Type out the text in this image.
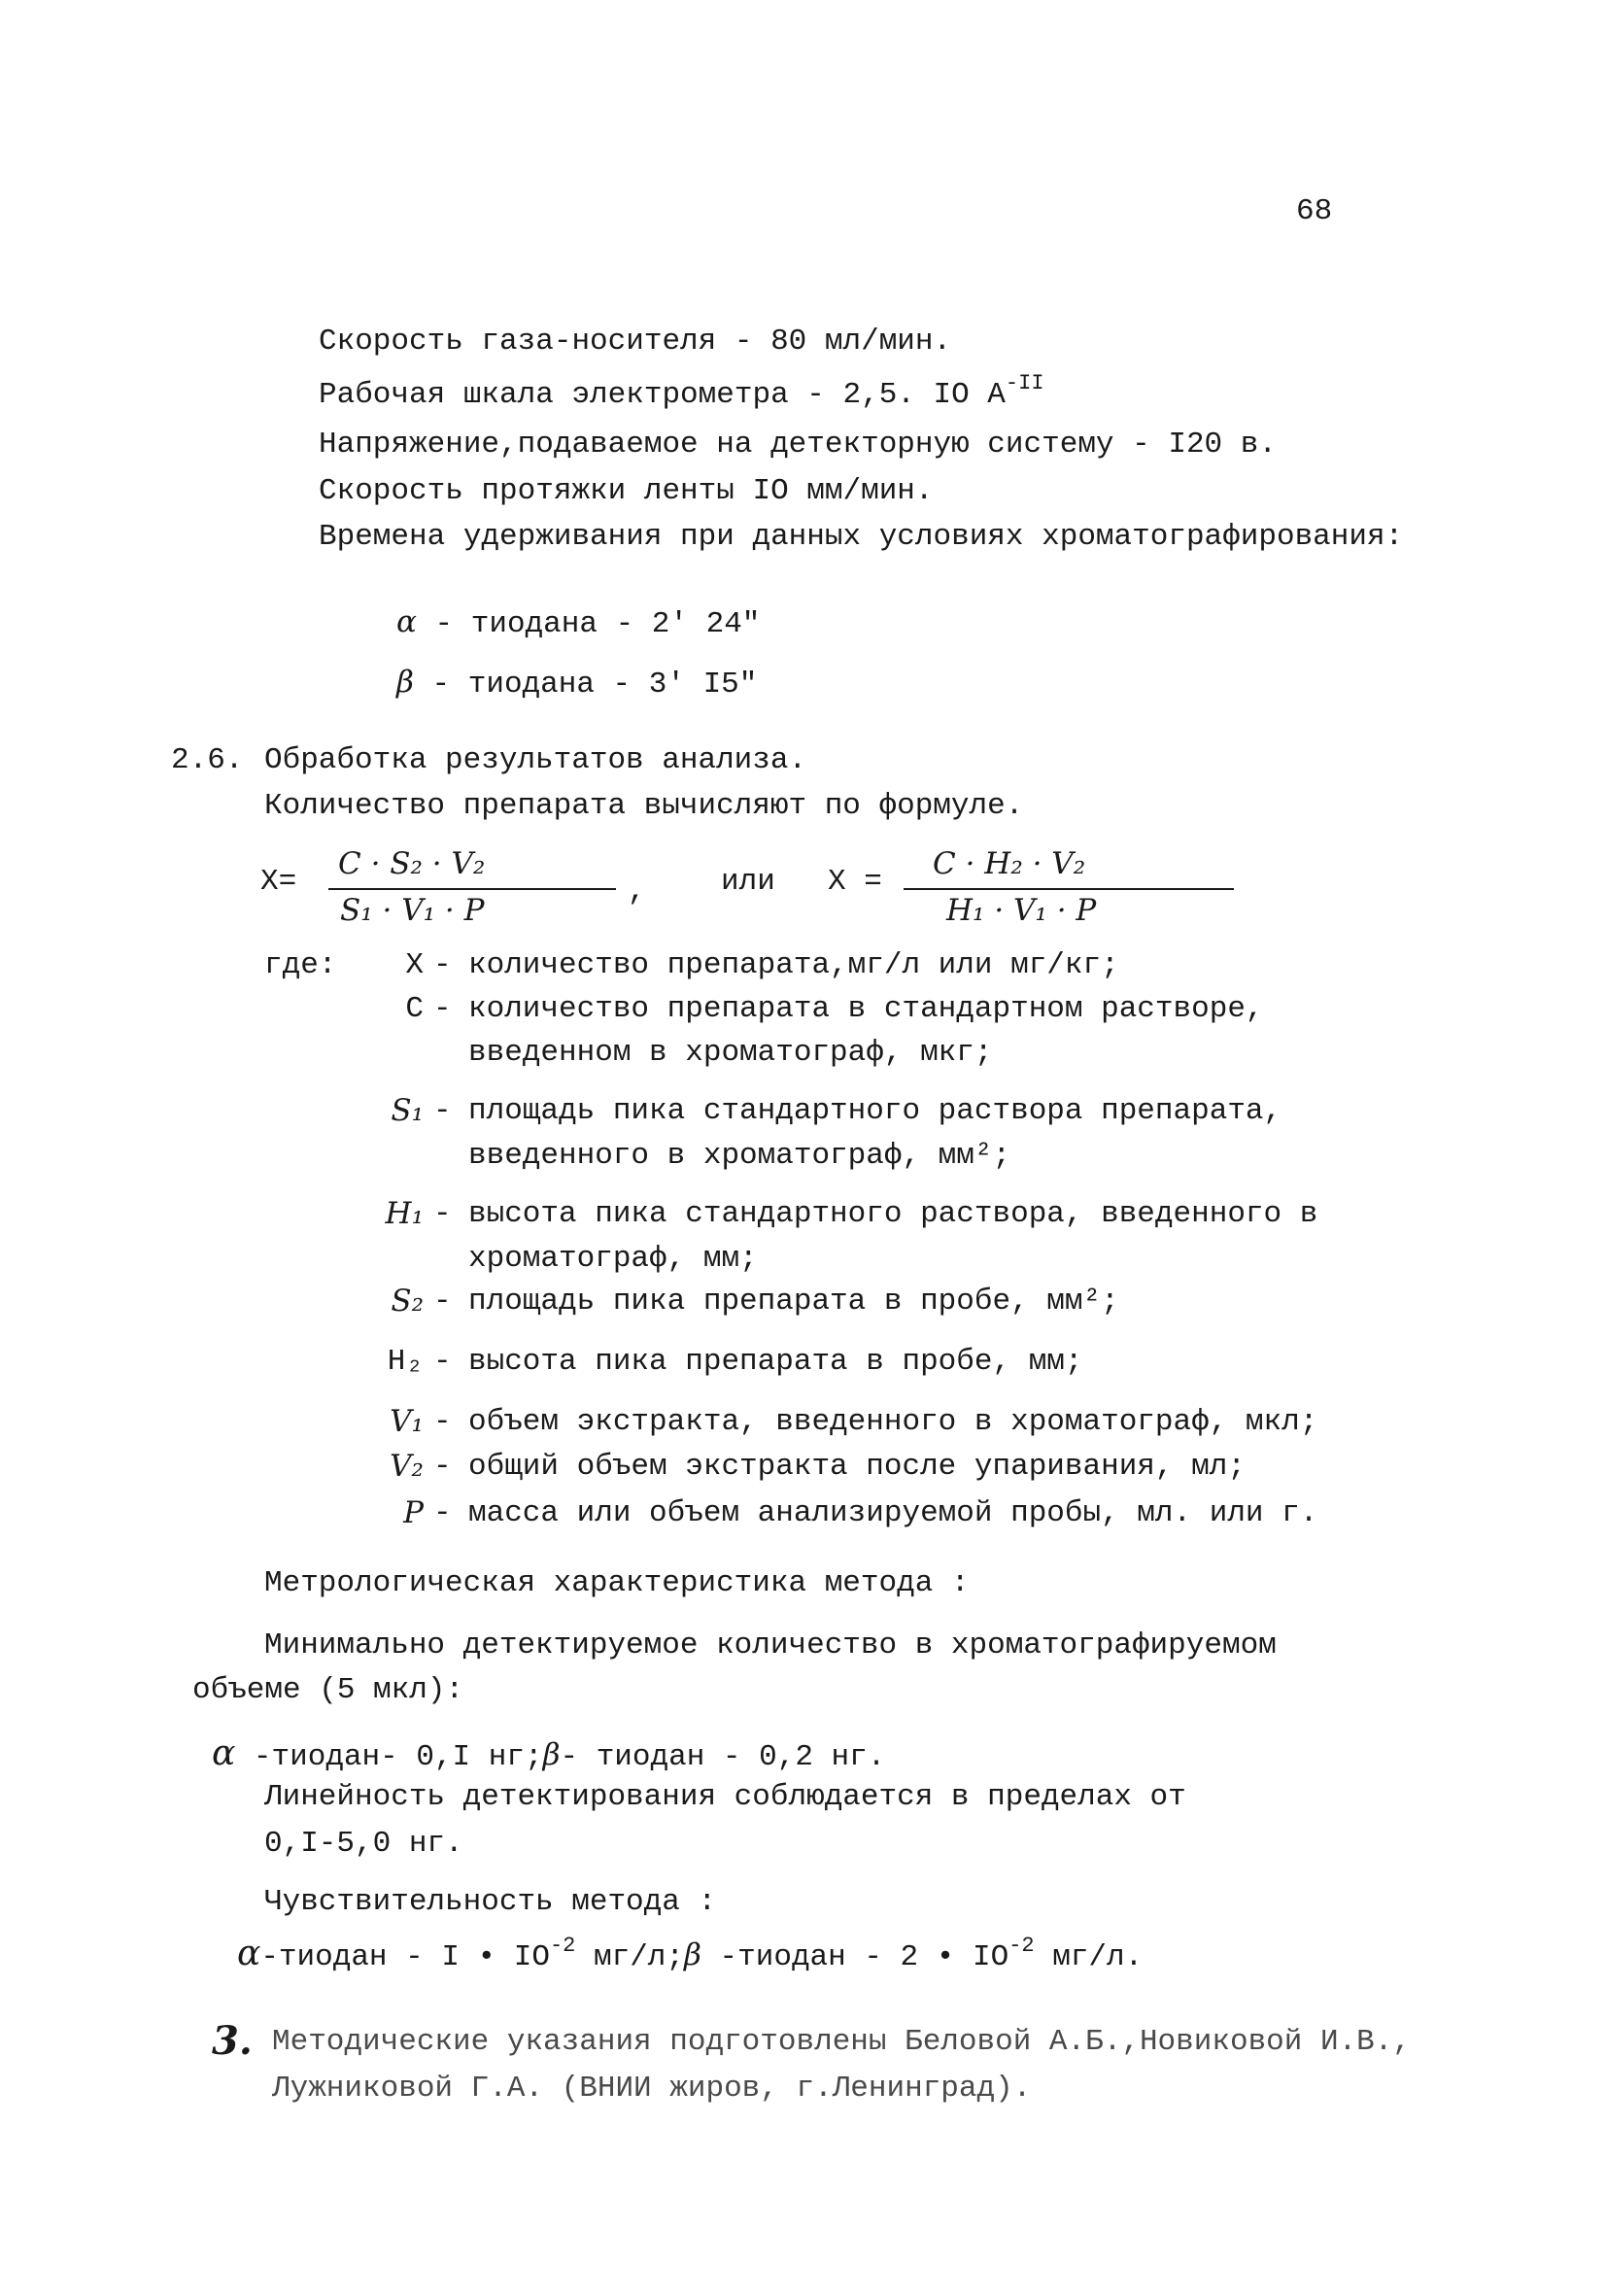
68
Скорость газа-носителя - 80 мл/мин.
Рабочая шкала электрометра - 2,5. IO $A^{-II}$
Напряжение,подаваемое на детекторную систему - I20 в.
Скорость протяжки ленты IO мм/мин.
Времена удерживания при данных условиях хроматографирования:
α - тиодана - 2′ 24″
β - тиодана - 3′ I5″
2.6. Обработка результатов анализа.
Количество препарата вычисляют по формуле.
X=
C · S₂ · V₂
S₁ · V₁ · P
, или X =
C · H₂ · V₂
H₁ · V₁ · P
где:	X - количество препарата,мг/л или мг/кг;
C - количество препарата в стандартном растворе,
введенном в хроматограф, мкг;
S₁ - площадь пика стандартного раствора препарата,
введенного в хроматограф, мм²;
H₁ - высота пика стандартного раствора, введенного в
хроматограф, мм;
S₂ - площадь пика препарата в пробе, мм²;
H₂ - высота пика препарата в пробе, мм;
V₁ - объем экстракта, введенного в хроматограф, мкл;
V₂ - общий объем экстракта после упаривания, мл;
P - масса или объем анализируемой пробы, мл. или г.
Метрологическая характеристика метода :
Минимально детектируемое количество в хроматографируемом
объеме (5 мкл):
α -тиодан- 0,I нг;β- тиодан - 0,2 нг.
Линейность детектирования соблюдается в пределах от
0,I-5,0 нг.
Чувствительность метода :
α-тиодан - I • $IO^{-2}$ мг/л;β -тиодан - 2 • $IO^{-2}$ мг/л.
3. Методические указания подготовлены Беловой А.Б.,Новиковой И.В.,
Лужниковой Г.А. (ВНИИ жиров, г.Ленинград).
